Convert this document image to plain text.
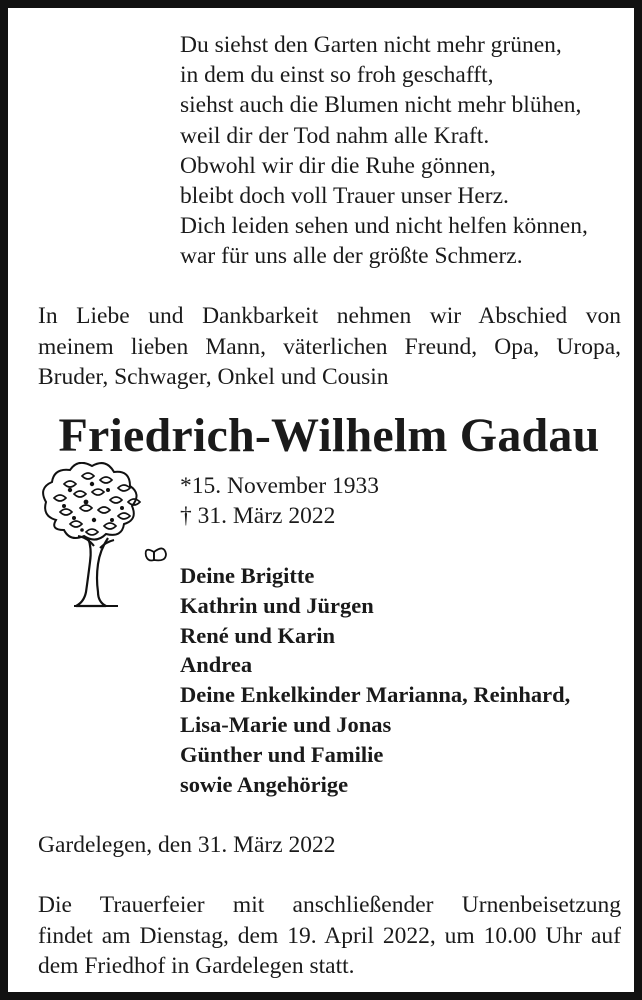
Du siehst den Garten nicht mehr grünen,
in dem du einst so froh geschafft,
siehst auch die Blumen nicht mehr blühen,
weil dir der Tod nahm alle Kraft.
Obwohl wir dir die Ruhe gönnen,
bleibt doch voll Trauer unser Herz.
Dich leiden sehen und nicht helfen können,
war für uns alle der größte Schmerz.
In Liebe und Dankbarkeit nehmen wir Abschied von
meinem lieben Mann, väterlichen Freund, Opa, Uropa,
Bruder, Schwager, Onkel und Cousin
Friedrich-Wilhelm Gadau
*15. November 1933
† 31. März 2022
Deine Brigitte
Kathrin und Jürgen
René und Karin
Andrea
Deine Enkelkinder Marianna, Reinhard,
Lisa-Marie und Jonas
Günther und Familie
sowie Angehörige
Gardelegen, den 31. März 2022
Die Trauerfeier mit anschließender Urnenbeisetzung
findet am Dienstag, dem 19. April 2022, um 10.00 Uhr auf
dem Friedhof in Gardelegen statt.
